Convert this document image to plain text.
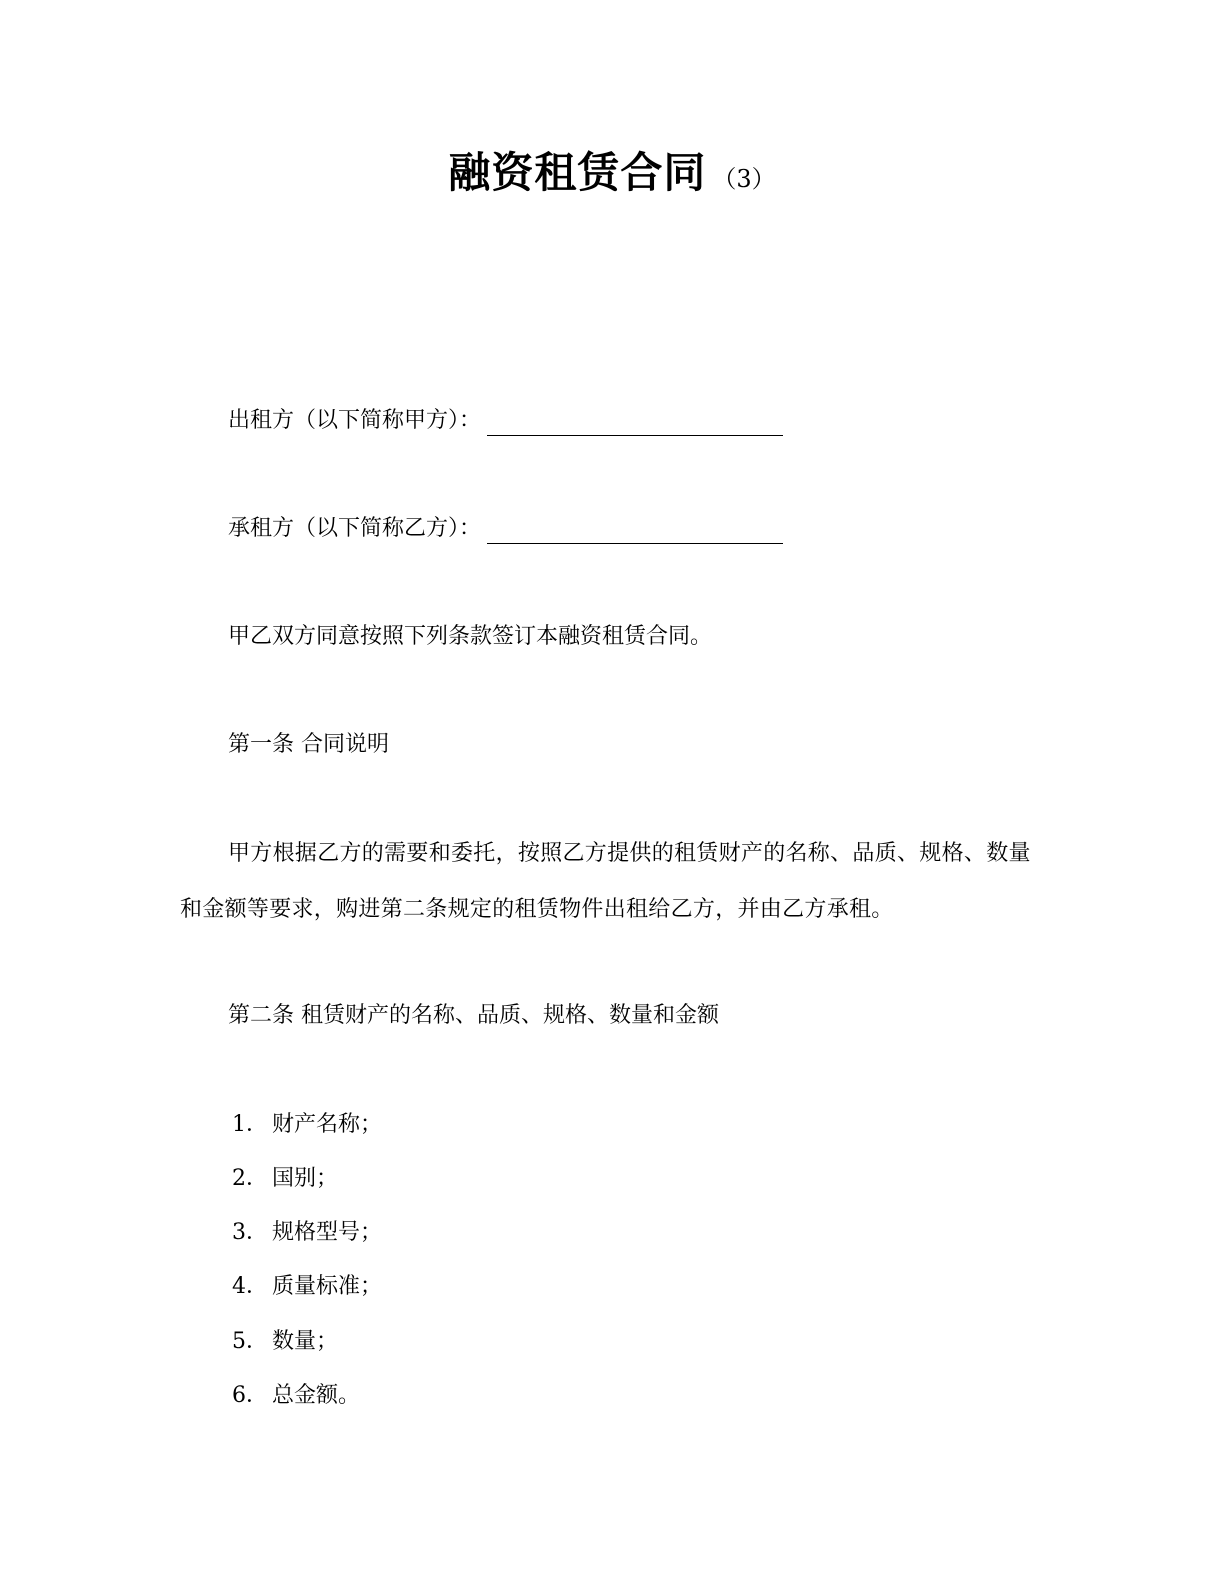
融资租赁合同 （3）
出租方（以下简称甲方）：
承租方（以下简称乙方）：
甲乙双方同意按照下列条款签订本融资租赁合同。
第一条 合同说明
甲方根据乙方的需要和委托，按照乙方提供的租赁财产的名称、品质、规格、数量和金额等要求，购进第二条规定的租赁物件出租给乙方，并由乙方承租。
第二条 租赁财产的名称、品质、规格、数量和金额
1． 财产名称；
2． 国别；
3． 规格型号；
4． 质量标准；
5． 数量；
6． 总金额。
